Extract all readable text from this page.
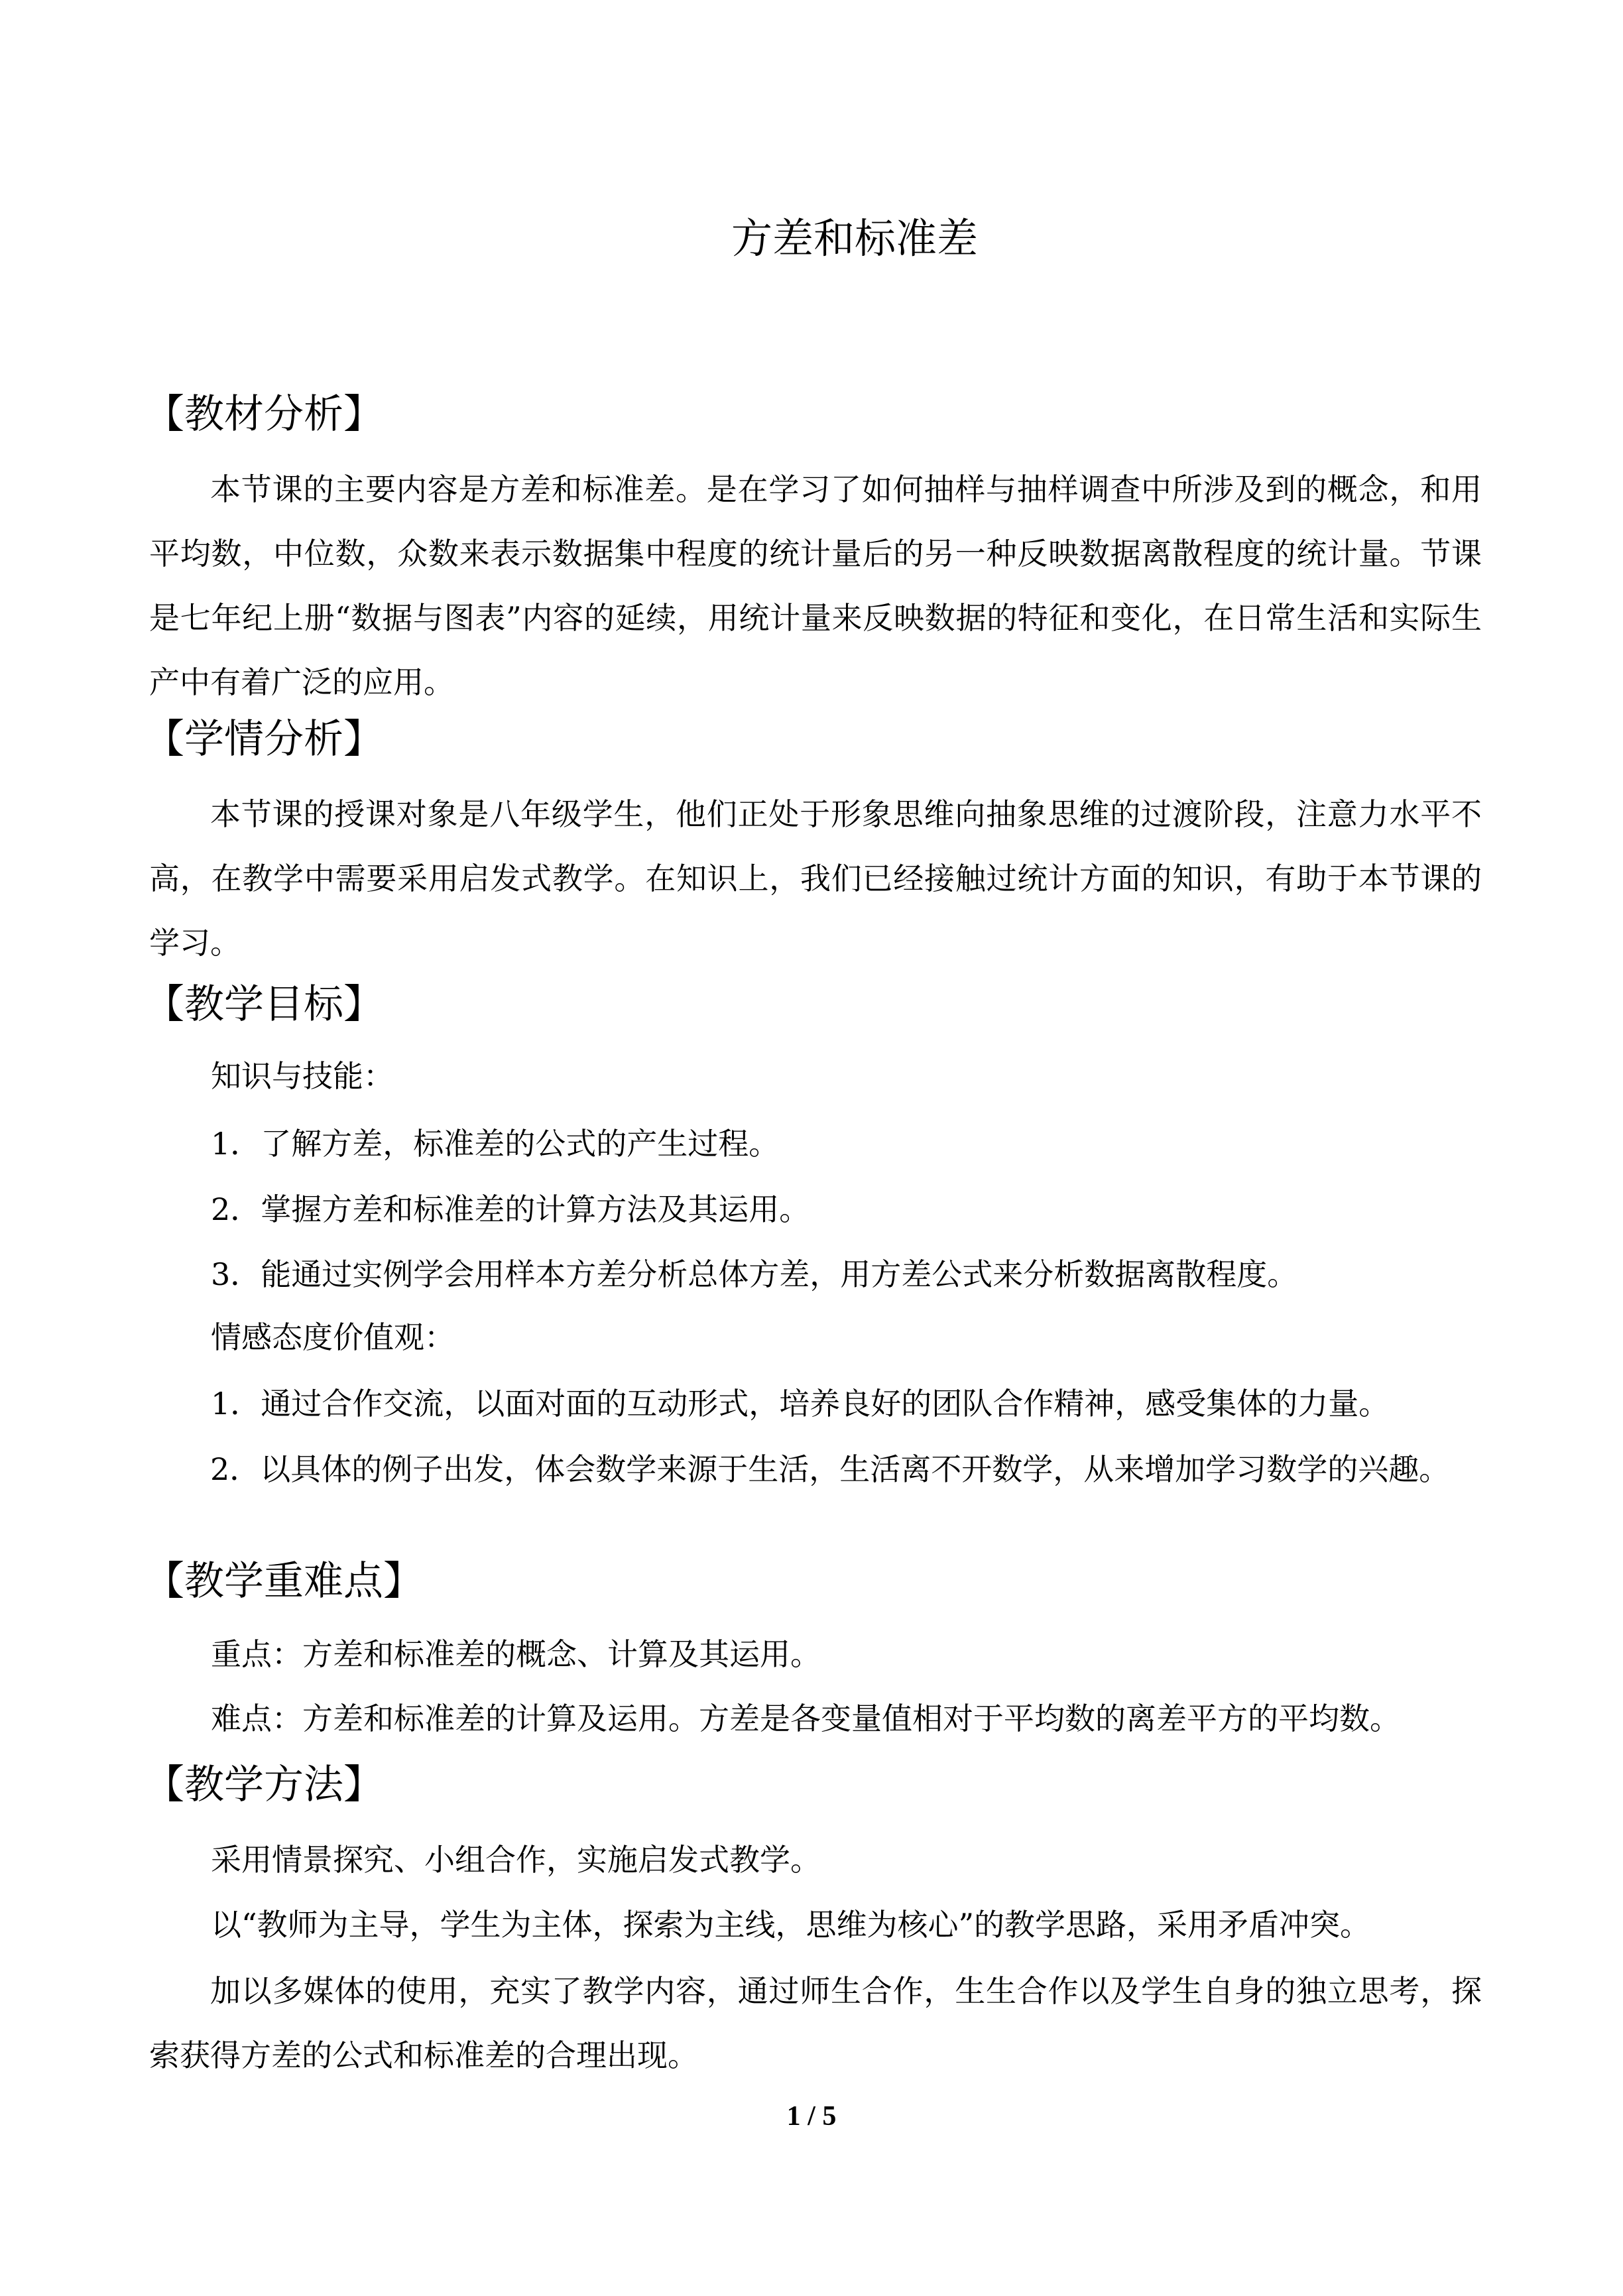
方差和标准差
【教材分析】
本节课的主要内容是方差和标准差。是在学习了如何抽样与抽样调查中所涉及到的概念，和用平均数，中位数，众数来表示数据集中程度的统计量后的另一种反映数据离散程度的统计量。节课是七年纪上册“数据与图表”内容的延续，用统计量来反映数据的特征和变化，在日常生活和实际生产中有着广泛的应用。
【学情分析】
本节课的授课对象是八年级学生，他们正处于形象思维向抽象思维的过渡阶段，注意力水平不高，在教学中需要采用启发式教学。在知识上，我们已经接触过统计方面的知识，有助于本节课的学习。
【教学目标】
知识与技能：
1．了解方差，标准差的公式的产生过程。
2．掌握方差和标准差的计算方法及其运用。
3．能通过实例学会用样本方差分析总体方差，用方差公式来分析数据离散程度。
情感态度价值观：
1．通过合作交流，以面对面的互动形式，培养良好的团队合作精神，感受集体的力量。
2．以具体的例子出发，体会数学来源于生活，生活离不开数学，从来增加学习数学的兴趣。
【教学重难点】
重点：方差和标准差的概念、计算及其运用。
难点：方差和标准差的计算及运用。方差是各变量值相对于平均数的离差平方的平均数。
【教学方法】
采用情景探究、小组合作，实施启发式教学。
以“教师为主导，学生为主体，探索为主线，思维为核心”的教学思路，采用矛盾冲突。
加以多媒体的使用，充实了教学内容，通过师生合作，生生合作以及学生自身的独立思考，探索获得方差的公式和标准差的合理出现。
1 / 5
